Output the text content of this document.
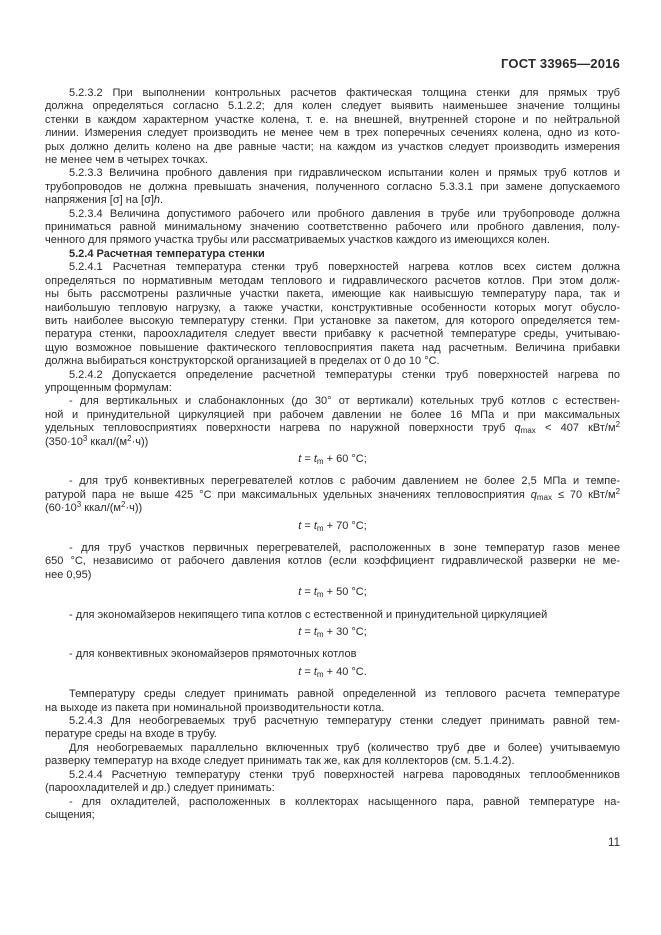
ГОСТ 33965—2016
5.2.3.2 При выполнении контрольных расчетов фактическая толщина стенки для прямых труб
должна определяться согласно 5.1.2.2; для колен следует выявить наименьшее значение толщины
стенки в каждом характерном участке колена, т. е. на внешней, внутренней стороне и по нейтральной
линии. Измерения следует производить не менее чем в трех поперечных сечениях колена, одно из кото-
рых должно делить колено на две равные части; на каждом из участков следует производить измерения
не менее чем в четырех точках.
5.2.3.3 Величина пробного давления при гидравлическом испытании колен и прямых труб котлов и
трубопроводов не должна превышать значения, полученного согласно 5.3.3.1 при замене допускаемого
напряжения [σ] на [σ]h.
5.2.3.4 Величина допустимого рабочего или пробного давления в трубе или трубопроводе должна
приниматься равной минимальному значению соответственно рабочего или пробного давления, полу-
ченного для прямого участка трубы или рассматриваемых участков каждого из имеющихся колен.
5.2.4 Расчетная температура стенки
5.2.4.1 Расчетная температура стенки труб поверхностей нагрева котлов всех систем должна
определяться по нормативным методам теплового и гидравлического расчетов котлов. При этом долж-
ны быть рассмотрены различные участки пакета, имеющие как наивысшую температуру пара, так и
наибольшую тепловую нагрузку, а также участки, конструктивные особенности которых могут обусло-
вить наиболее высокую температуру стенки. При установке за пакетом, для которого определяется тем-
пература стенки, пароохладителя следует ввести прибавку к расчетной температуре среды, учитываю-
щую возможное повышение фактического тепловосприятия пакета над расчетным. Величина прибавки
должна выбираться конструкторской организацией в пределах от 0 до 10 °С.
5.2.4.2 Допускается определение расчетной температуры стенки труб поверхностей нагрева по
упрощенным формулам:
- для вертикальных и слабонаклонных (до 30° от вертикали) котельных труб котлов с естествен-
ной и принудительной циркуляцией при рабочем давлении не более 16 МПа и при максимальных
удельных тепловосприятиях поверхности нагрева по наружной поверхности труб $q_{max} < 407$ кВт/$м^2$
($350\cdot 10^3$ ккал/$(м^2\cdot ч)$)
$t = t_m + 60$ °С;
- для труб конвективных перегревателей котлов с рабочим давлением не более 2,5 МПа и темпе-
ратурой пара не выше 425 °С при максимальных удельных значениях тепловосприятия $q_{max} \le 70$ кВт/$м^2$
($60\cdot 10^3$ ккал/$(м^2\cdot ч)$)
$t = t_m + 70$ °С;
- для труб участков первичных перегревателей, расположенных в зоне температур газов менее
650 °С, независимо от рабочего давления котлов (если коэффициент гидравлической разверки не ме-
нее 0,95)
$t = t_m + 50$ °С;
- для экономайзеров некипящего типа котлов с естественной и принудительной циркуляцией
$t = t_m + 30$ °С;
- для конвективных экономайзеров прямоточных котлов
$t = t_m + 40$ °С.
Температуру среды следует принимать равной определенной из теплового расчета температуре
на выходе из пакета при номинальной производительности котла.
5.2.4.3 Для необогреваемых труб расчетную температуру стенки следует принимать равной тем-
пературе среды на входе в трубу.
Для необогреваемых параллельно включенных труб (количество труб две и более) учитываемую
разверку температур на входе следует принимать так же, как для коллекторов (см. 5.1.4.2).
5.2.4.4 Расчетную температуру стенки труб поверхностей нагрева пароводяных теплообменников
(пароохладителей и др.) следует принимать:
- для охладителей, расположенных в коллекторах насыщенного пара, равной температуре на-
сыщения;
11
